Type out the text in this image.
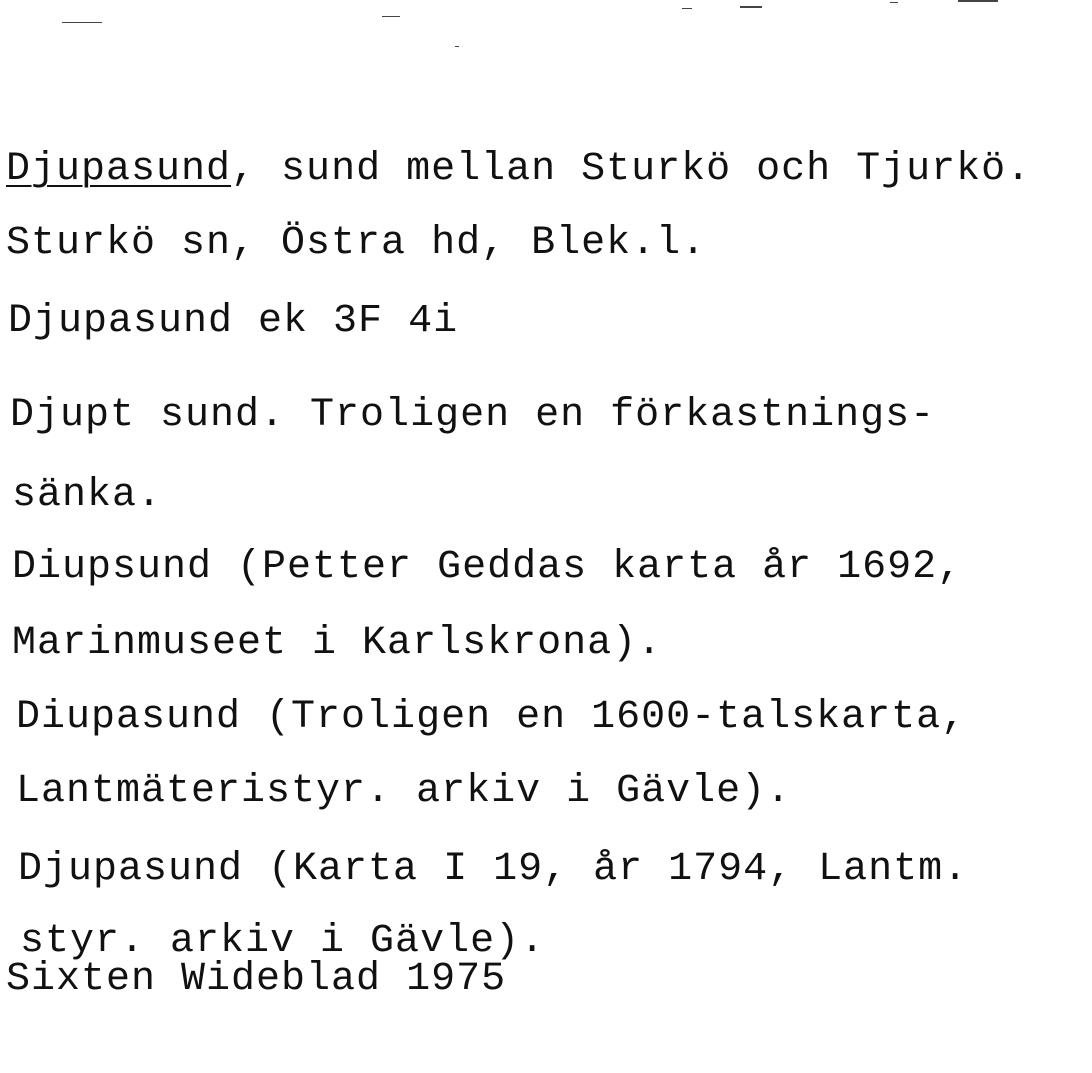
Djupasund, sund mellan Sturkö och Tjurkö.
Sturkö sn, Östra hd, Blek.l.
Djupasund ek 3F 4i
Djupt sund. Troligen en förkastnings-
sänka.
Diupsund (Petter Geddas karta år 1692,
Marinmuseet i Karlskrona).
Diupasund (Troligen en 1600-talskarta,
Lantmäteristyr. arkiv i Gävle).
Djupasund (Karta I 19, år 1794, Lantm.
styr. arkiv i Gävle).
Sixten Wideblad 1975
